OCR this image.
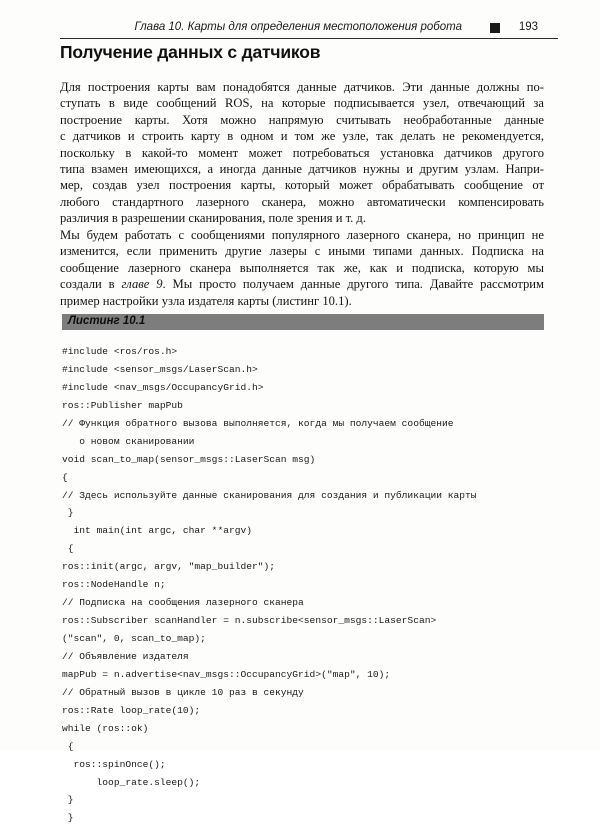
Глава 10. Карты для определения местоположения робота	193
Получение данных с датчиков
Для построения карты вам понадобятся данные датчиков. Эти данные должны по-
ступать в виде сообщений ROS, на которые подписывается узел, отвечающий за
построение карты. Хотя можно напрямую считывать необработанные данные
с датчиков и строить карту в одном и том же узле, так делать не рекомендуется,
поскольку в какой-то момент может потребоваться установка датчиков другого
типа взамен имеющихся, а иногда данные датчиков нужны и другим узлам. Напри-
мер, создав узел построения карты, который может обрабатывать сообщение от
любого стандартного лазерного сканера, можно автоматически компенсировать
различия в разрешении сканирования, поле зрения и т. д.
Мы будем работать с сообщениями популярного лазерного сканера, но принцип не
изменится, если применить другие лазеры с иными типами данных. Подписка на
сообщение лазерного сканера выполняется так же, как и подписка, которую мы
создали в главе 9. Мы просто получаем данные другого типа. Давайте рассмотрим
пример настройки узла издателя карты (листинг 10.1).
Листинг 10.1
#include <ros/ros.h>
#include <sensor_msgs/LaserScan.h>
#include <nav_msgs/OccupancyGrid.h>
ros::Publisher mapPub
// Функция обратного вызова выполняется, когда мы получаем сообщение
о новом сканировании
void scan_to_map(sensor_msgs::LaserScan msg)
{
// Здесь используйте данные сканирования для создания и публикации карты
}
int main(int argc, char **argv)
{
ros::init(argc, argv, "map_builder");
ros::NodeHandle n;
// Подписка на сообщения лазерного сканера
ros::Subscriber scanHandler = n.subscribe<sensor_msgs::LaserScan>
("scan", 0, scan_to_map);
// Объявление издателя
mapPub = n.advertise<nav_msgs::OccupancyGrid>("map", 10);
// Обратный вызов в цикле 10 раз в секунду
ros::Rate loop_rate(10);
while (ros::ok)
{
ros::spinOnce();
loop_rate.sleep();
}
}
